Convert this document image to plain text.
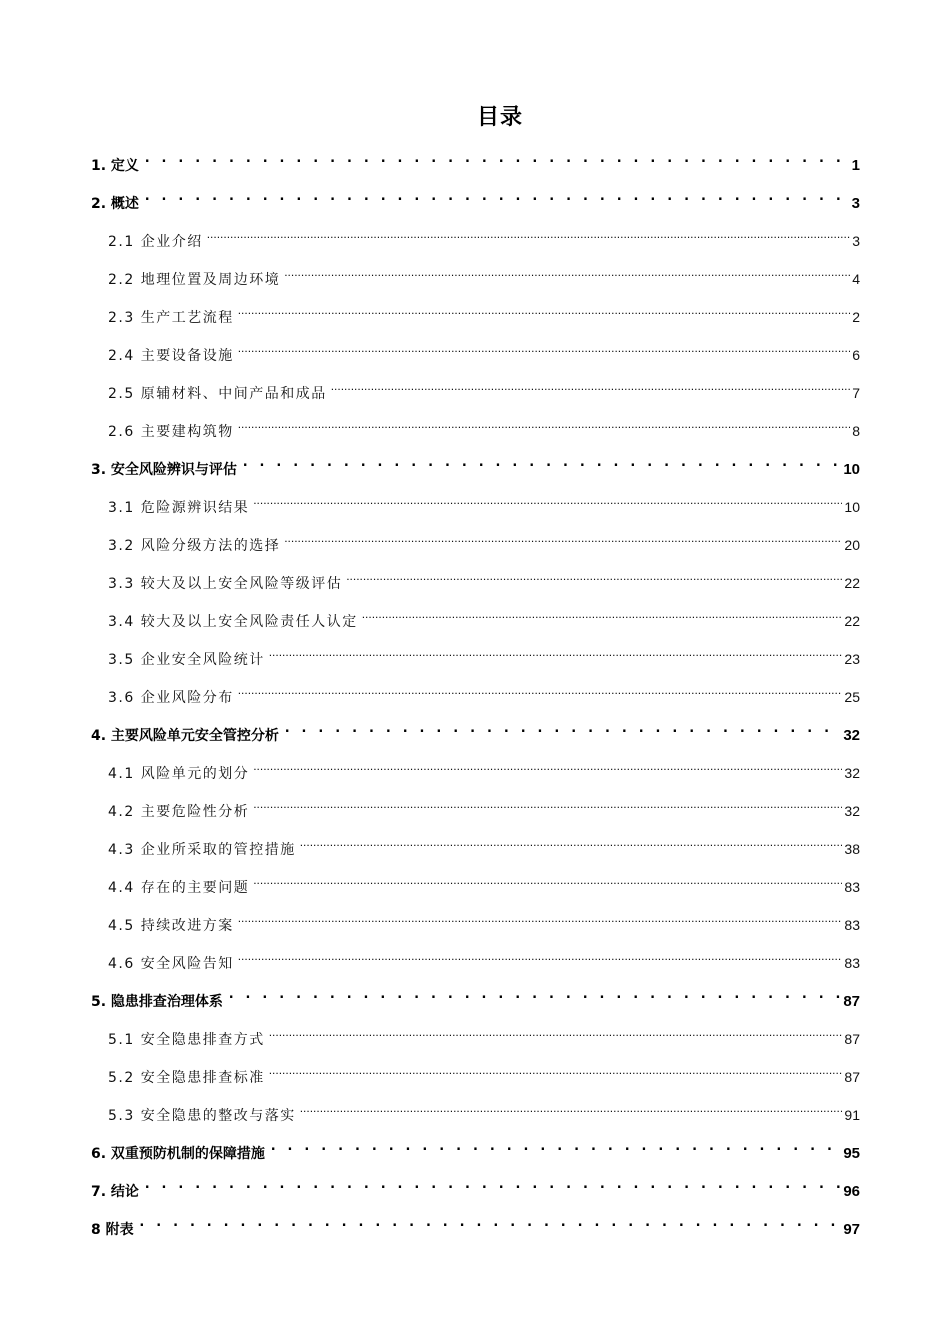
目录
1. 定义 . . .	1
2. 概述 . . .	3
2.1 企业介绍 .....	3
2.2 地理位置及周边环境 .....	4
2.3 生产工艺流程 .....	2
2.4 主要设备设施 .....	6
2.5 原辅材料、中间产品和成品 .....	7
2.6 主要建构筑物 .....	8
3. 安全风险辨识与评估 . . .	10
3.1 危险源辨识结果 .....	10
3.2 风险分级方法的选择 .....	20
3.3 较大及以上安全风险等级评估 .....	22
3.4 较大及以上安全风险责任人认定 .....	22
3.5 企业安全风险统计 .....	23
3.6 企业风险分布 .....	25
4. 主要风险单元安全管控分析 . . .	32
4.1 风险单元的划分 .....	32
4.2 主要危险性分析 .....	32
4.3 企业所采取的管控措施 .....	38
4.4 存在的主要问题 .....	83
4.5 持续改进方案 .....	83
4.6 安全风险告知 .....	83
5. 隐患排查治理体系 . . .	87
5.1 安全隐患排查方式 .....	87
5.2 安全隐患排查标准 .....	87
5.3 安全隐患的整改与落实 .....	91
6. 双重预防机制的保障措施 . . .	95
7. 结论 . . .	96
8 附表 . . .	97
